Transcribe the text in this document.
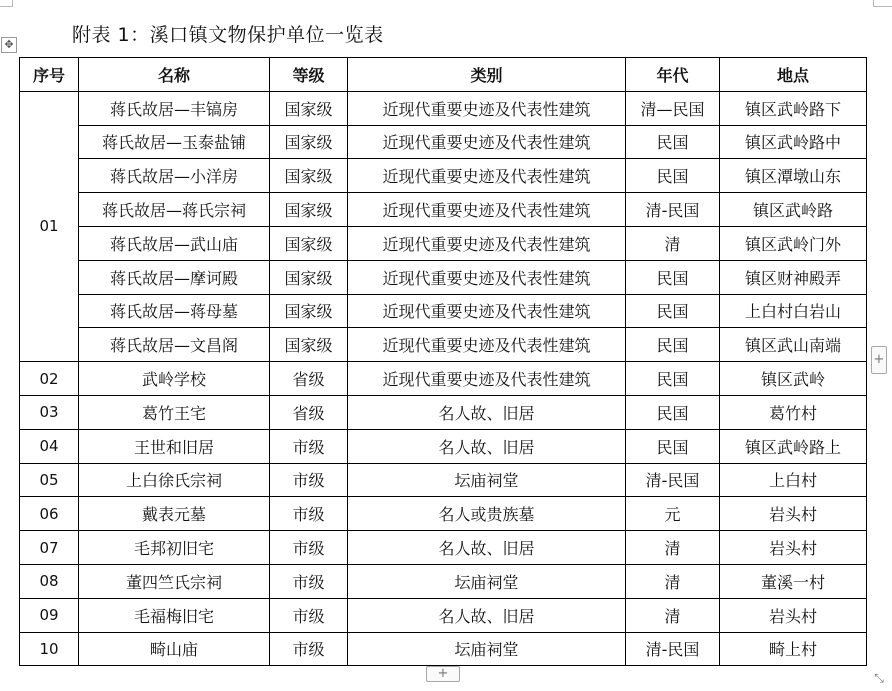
附表 1：溪口镇文物保护单位一览表
✥
序号	名称	等级	类别	年代	地点
01	蒋氏故居—丰镐房	国家级	近现代重要史迹及代表性建筑	清—民国	镇区武岭路下
	蒋氏故居—玉泰盐铺	国家级	近现代重要史迹及代表性建筑	民国	镇区武岭路中
	蒋氏故居—小洋房	国家级	近现代重要史迹及代表性建筑	民国	镇区潭墩山东
	蒋氏故居—蒋氏宗祠	国家级	近现代重要史迹及代表性建筑	清-民国	镇区武岭路
	蒋氏故居—武山庙	国家级	近现代重要史迹及代表性建筑	清	镇区武岭门外
	蒋氏故居—摩诃殿	国家级	近现代重要史迹及代表性建筑	民国	镇区财神殿弄
	蒋氏故居—蒋母墓	国家级	近现代重要史迹及代表性建筑	民国	上白村白岩山
	蒋氏故居—文昌阁	国家级	近现代重要史迹及代表性建筑	民国	镇区武山南端
02	武岭学校	省级	近现代重要史迹及代表性建筑	民国	镇区武岭
03	葛竹王宅	省级	名人故、旧居	民国	葛竹村
04	王世和旧居	市级	名人故、旧居	民国	镇区武岭路上
05	上白徐氏宗祠	市级	坛庙祠堂	清-民国	上白村
06	戴表元墓	市级	名人或贵族墓	元	岩头村
07	毛邦初旧宅	市级	名人故、旧居	清	岩头村
08	董四竺氏宗祠	市级	坛庙祠堂	清	董溪一村
09	毛福梅旧宅	市级	名人故、旧居	清	岩头村
10	畸山庙	市级	坛庙祠堂	清-民国	畸上村
+
+	⤡
